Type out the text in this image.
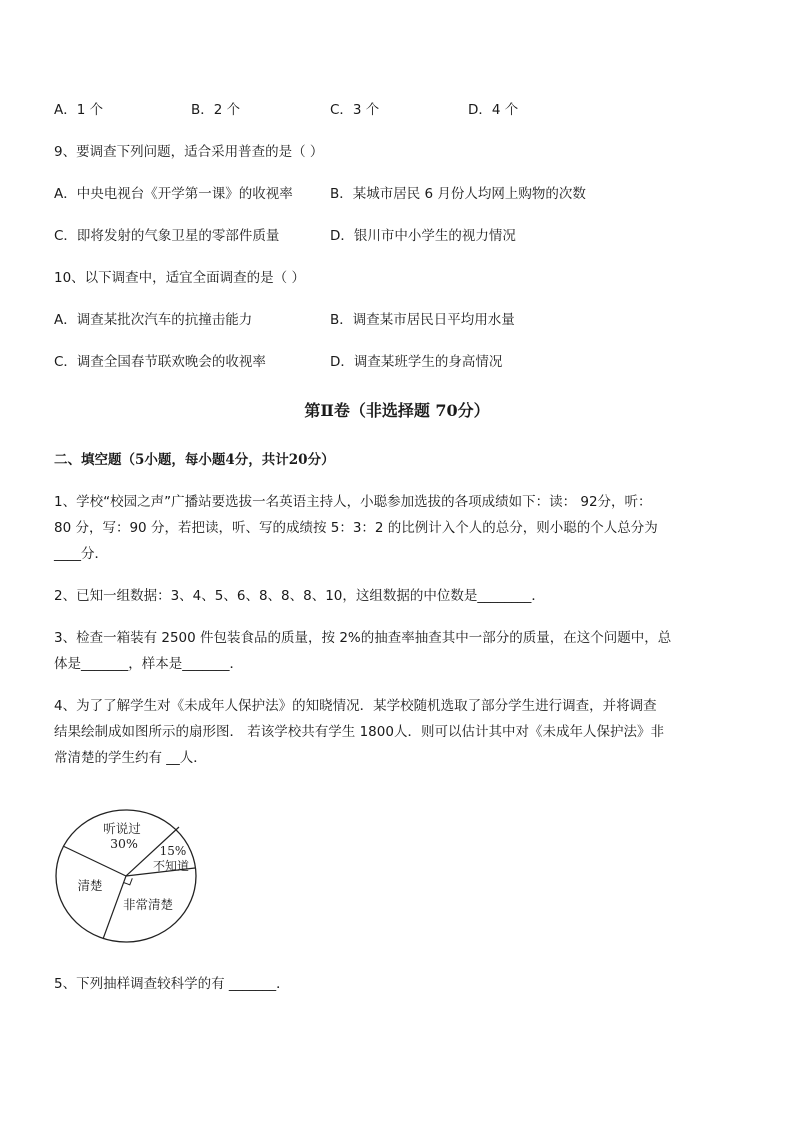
A．1 个	B．2 个	C．3 个	D．4 个
9、要调查下列问题，适合采用普查的是（ ）
A．中央电视台《开学第一课》的收视率	B．某城市居民 6 月份人均网上购物的次数
C．即将发射的气象卫星的零部件质量	D．银川市中小学生的视力情况
10、以下调查中，适宜全面调查的是（ ）
A．调查某批次汽车的抗撞击能力	B．调查某市居民日平均用水量
C．调查全国春节联欢晚会的收视率	D．调查某班学生的身高情况
第Ⅱ卷（非选择题 70分）
二、填空题（5小题，每小题4分，共计20分）
1、学校“校园之声”广播站要选拔一名英语主持人，小聪参加选拔的各项成绩如下：读： 92分，听：
80 分，写：90 分，若把读，听、写的成绩按 5：3：2 的比例计入个人的总分，则小聪的个人总分为
____分．
2、已知一组数据：3、4、5、6、8、8、8、10，这组数据的中位数是________．
3、检查一箱装有 2500 件包装食品的质量，按 2%的抽查率抽查其中一部分的质量，在这个问题中，总
体是_______，样本是_______．
4、为了了解学生对《未成年人保护法》的知晓情况．某学校随机选取了部分学生进行调查，并将调查
结果绘制成如图所示的扇形图． 若该学校共有学生 1800人．则可以估计其中对《未成年人保护法》非
常清楚的学生约有 __人．
听说过
30% 15%
不知道
非常清楚
清楚
5、下列抽样调查较科学的有 _______．
